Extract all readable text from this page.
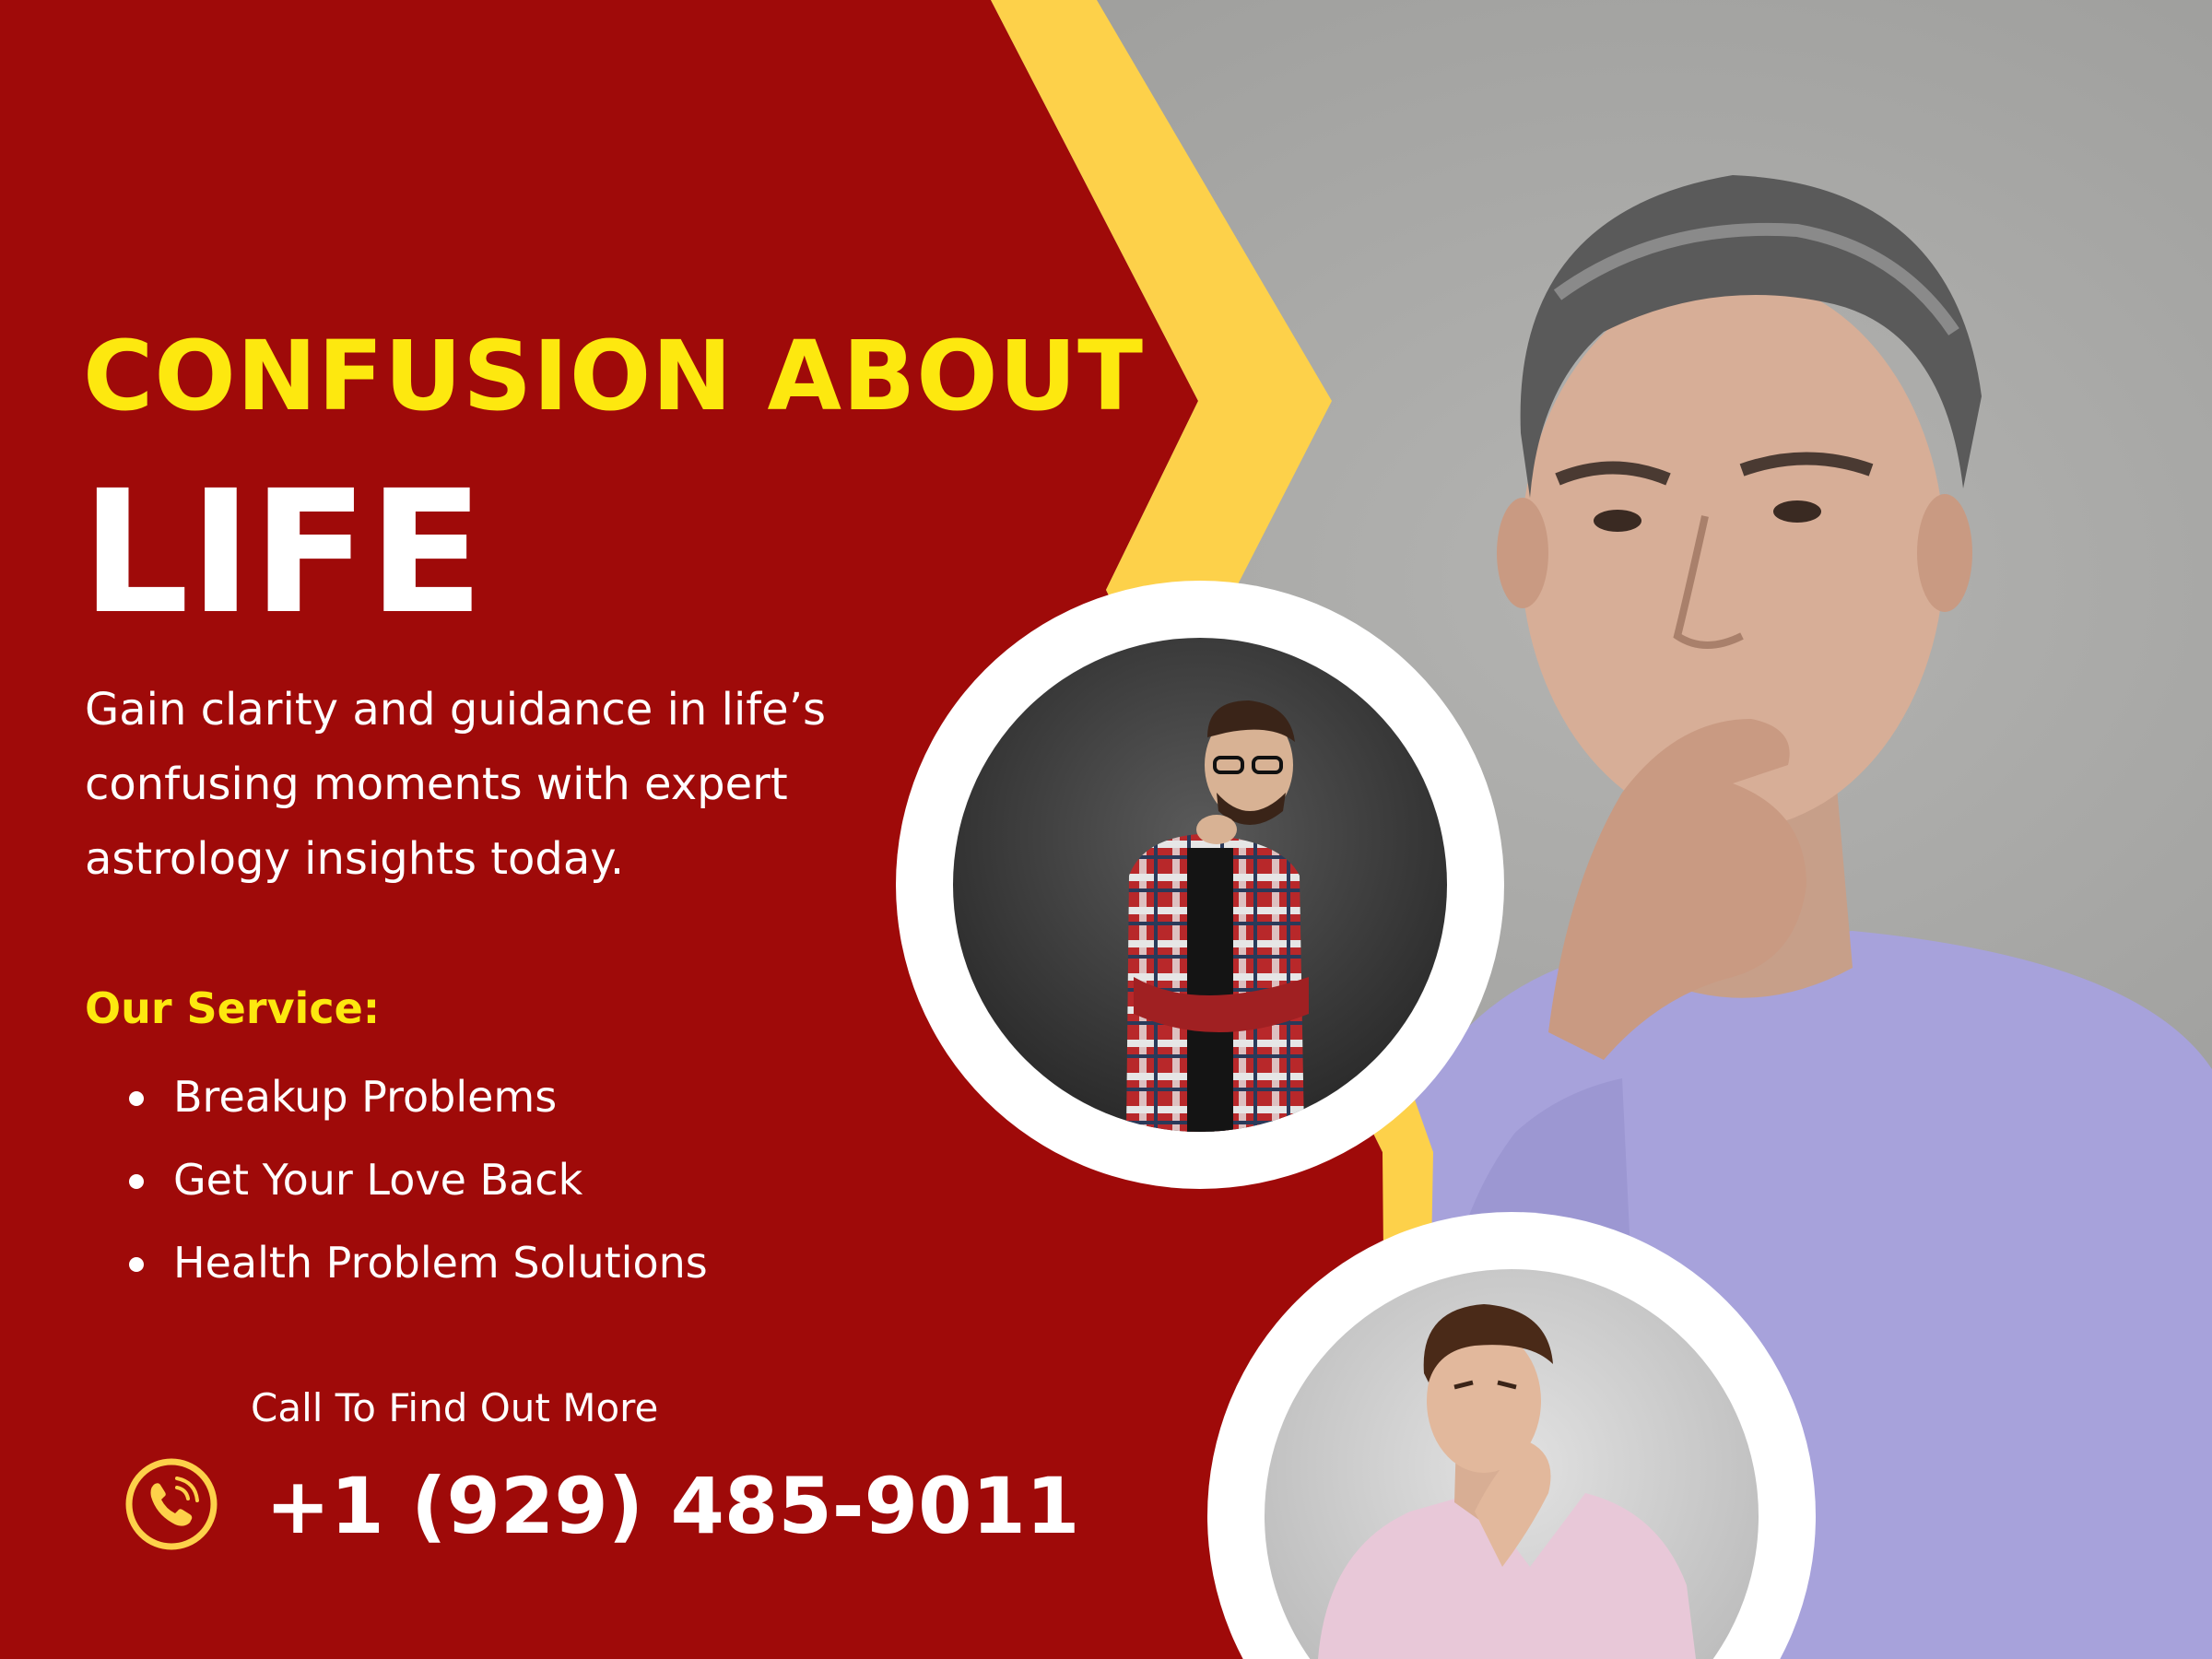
CONFUSION ABOUT
LIFE

Gain clarity and guidance in life’s confusing moments with expert astrology insights today.

Our Service:
Breakup Problems
Get Your Love Back
Health Problem Solutions

Call To Find Out More

+1 (929) 485-9011
